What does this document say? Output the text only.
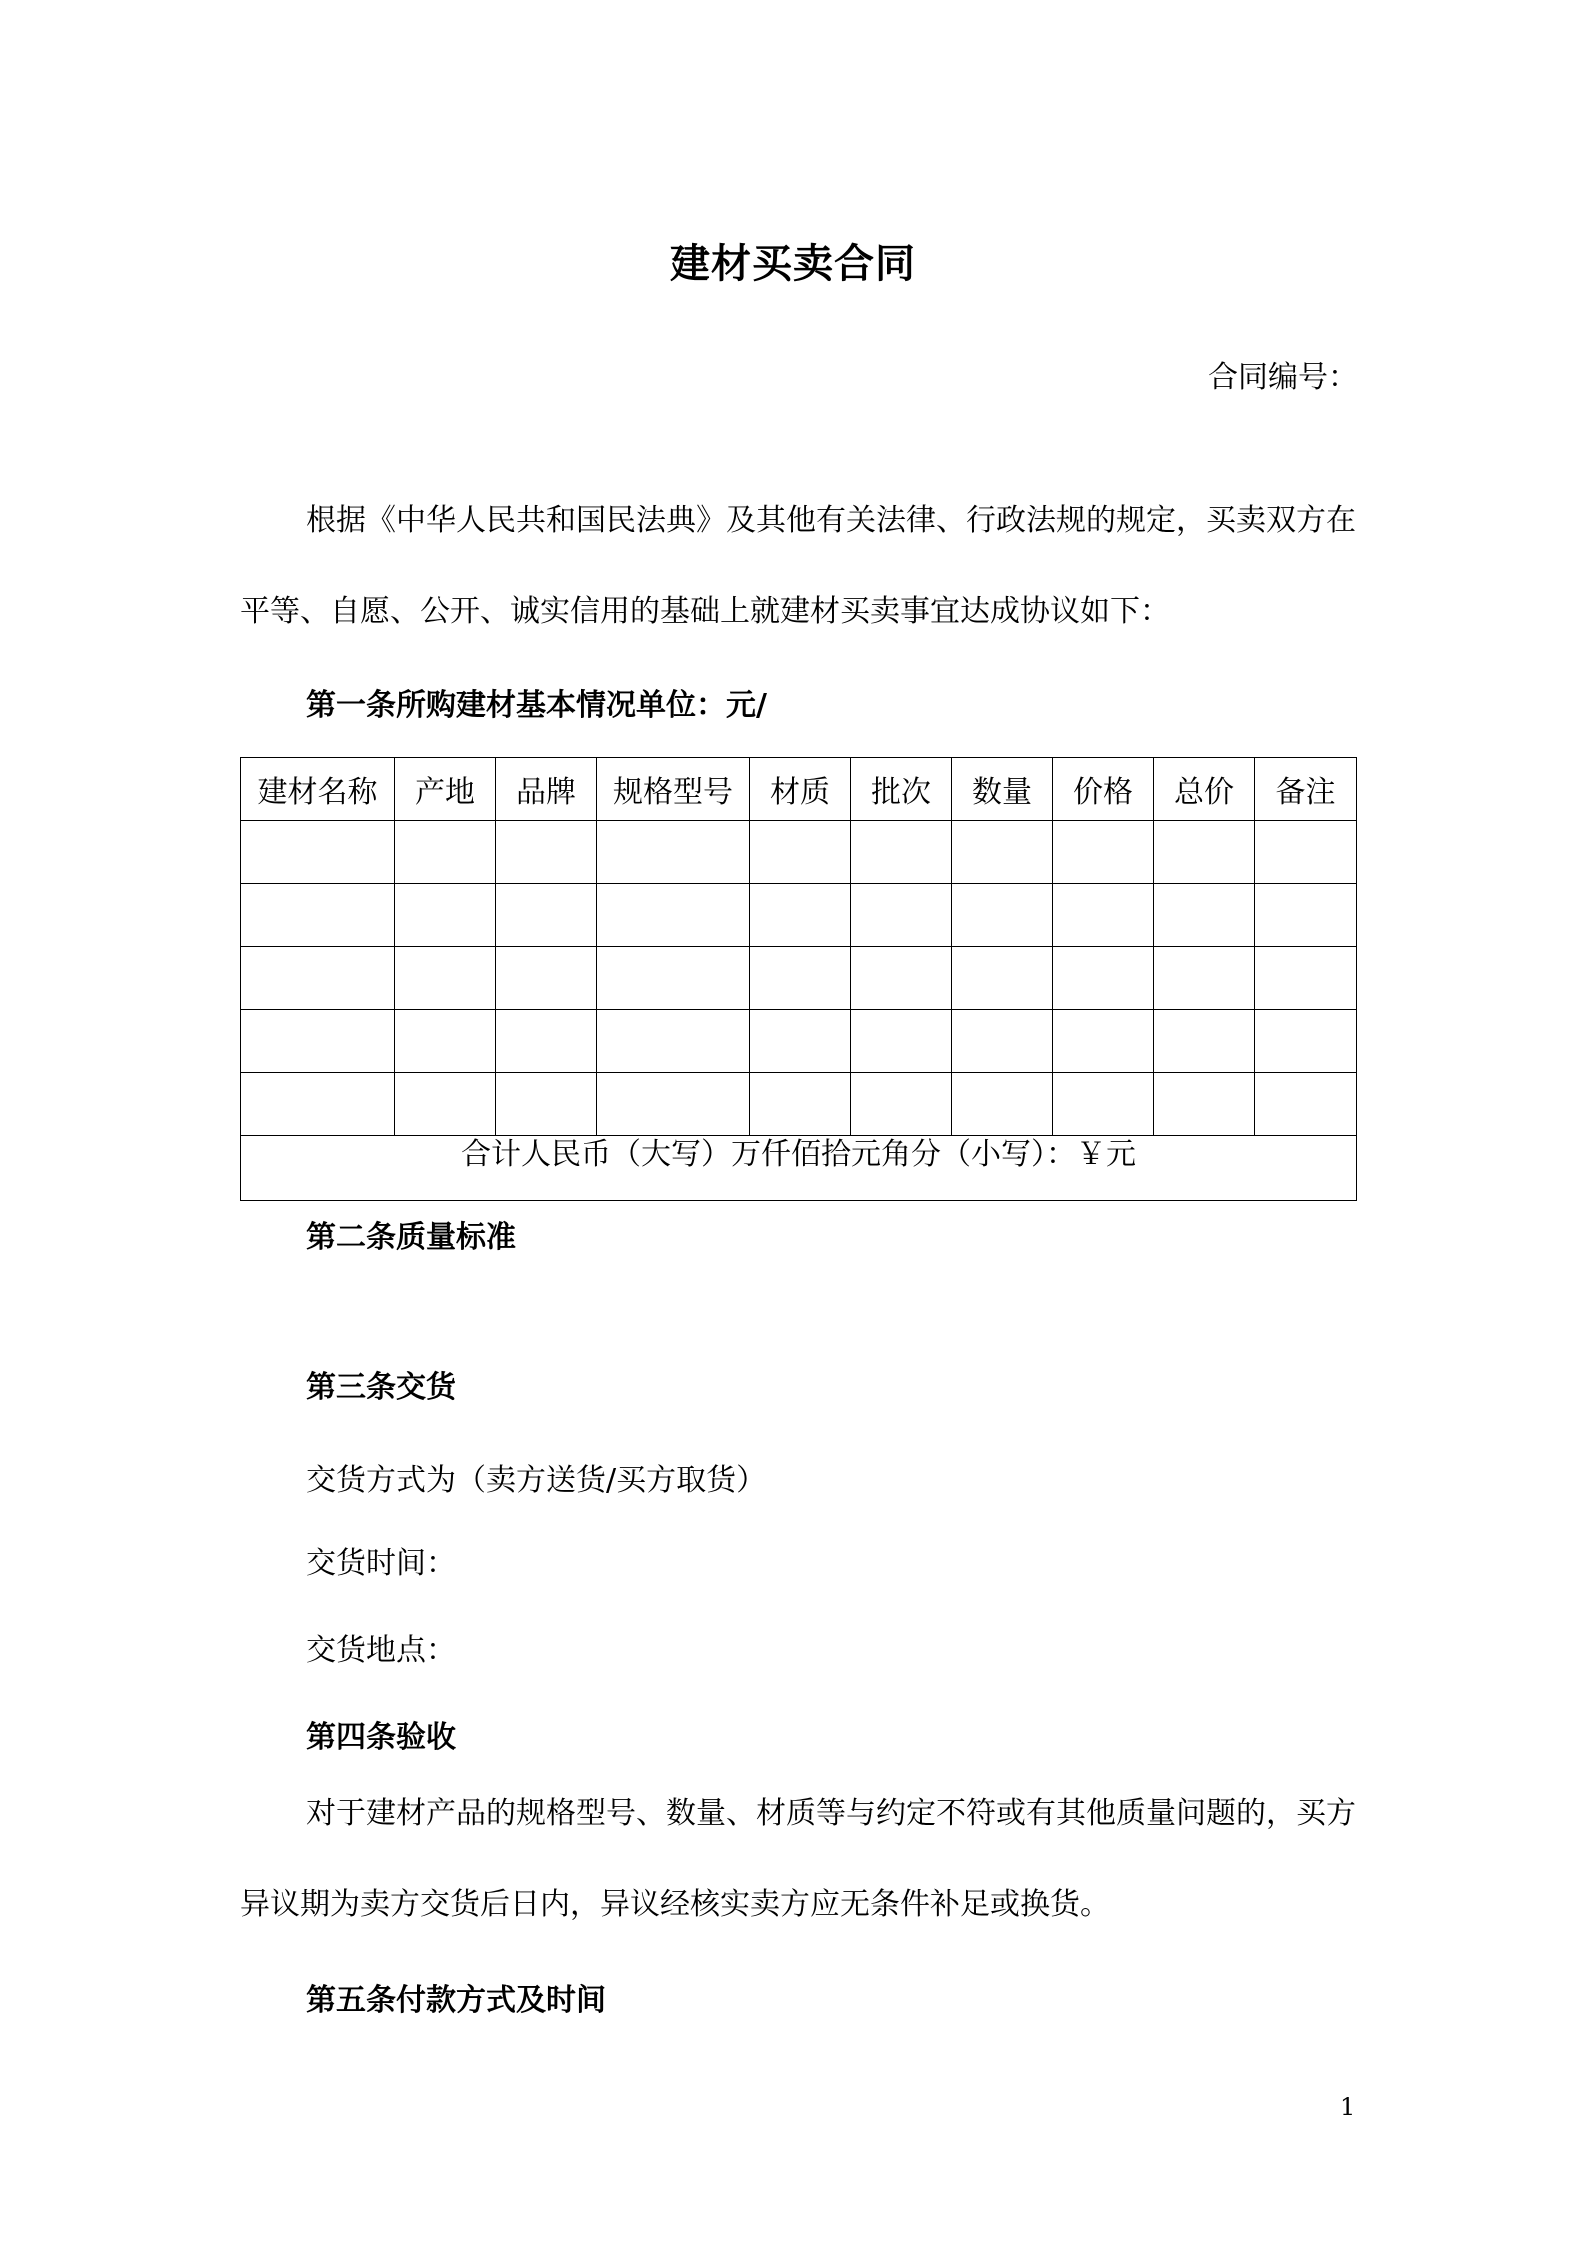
建材买卖合同
合同编号：
根据《中华人民共和国民法典》及其他有关法律、行政法规的规定，买卖双方在平等、自愿、公开、诚实信用的基础上就建材买卖事宜达成协议如下：
第一条所购建材基本情况单位：元/
建材名称	产地	品牌	规格型号	材质	批次	数量	价格	总价	备注

合计人民币（大写）万仟佰拾元角分（小写）：￥元									
第二条质量标准
第三条交货
交货方式为（卖方送货/买方取货）
交货时间：
交货地点：
第四条验收
对于建材产品的规格型号、数量、材质等与约定不符或有其他质量问题的，买方异议期为卖方交货后日内，异议经核实卖方应无条件补足或换货。
第五条付款方式及时间
1
